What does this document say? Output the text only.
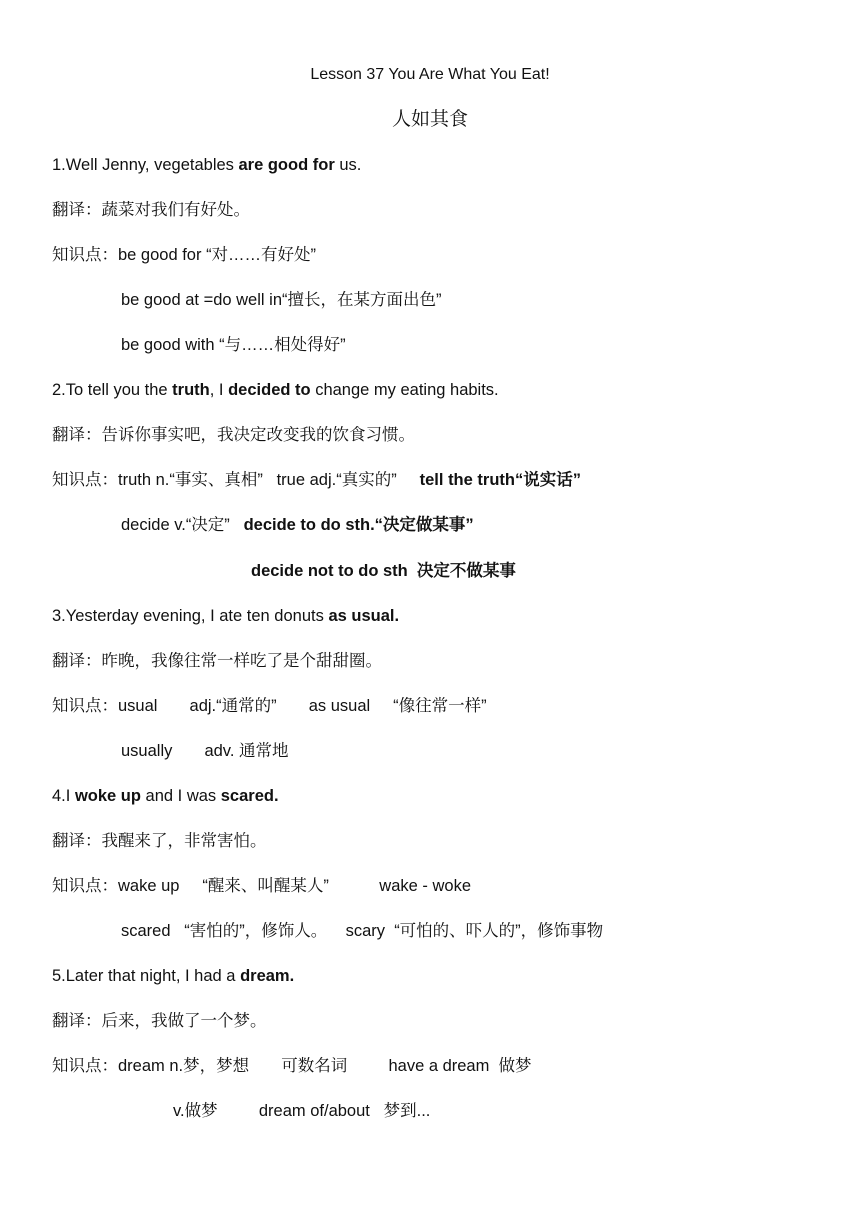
Lesson 37 You Are What You Eat!
人如其食
1.Well Jenny, vegetables are good for us.
翻译：蔬菜对我们有好处。
知识点：be good for “对……有好处”
be good at =do well in“擅长，在某方面出色”
be good with “与……相处得好”
2.To tell you the truth, I decided to change my eating habits.
翻译：告诉你事实吧，我决定改变我的饮食习惯。
知识点：truth n.“事实、真相”   true adj.“真实的”     tell the truth“说实话”
decide v.“决定”   decide to do sth.“决定做某事”
decide not to do sth  决定不做某事
3.Yesterday evening, I ate ten donuts as usual.
翻译：昨晚，我像往常一样吃了是个甜甜圈。
知识点：usual       adj.“通常的”       as usual     “像往常一样”
usually       adv. 通常地
4.I woke up and I was scared.
翻译：我醒来了，非常害怕。
知识点：wake up     “醒来、叫醒某人”           wake - woke
scared   “害怕的”，修饰人。    scary  “可怕的、吓人的”，修饰事物
5.Later that night, I had a dream.
翻译：后来，我做了一个梦。
知识点：dream n.梦，梦想       可数名词         have a dream  做梦
v.做梦         dream of/about   梦到...
